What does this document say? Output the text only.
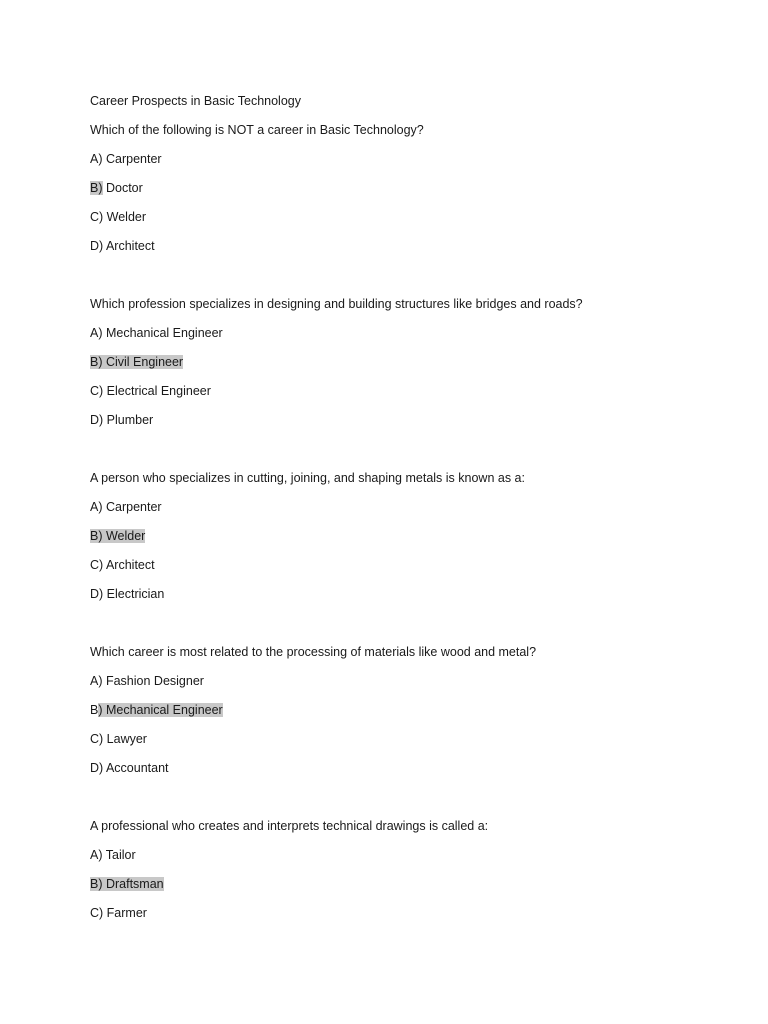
Career Prospects in Basic Technology
Which of the following is NOT a career in Basic Technology?
A) Carpenter
B) Doctor
C) Welder
D) Architect
Which profession specializes in designing and building structures like bridges and roads?
A) Mechanical Engineer
B) Civil Engineer
C) Electrical Engineer
D) Plumber
A person who specializes in cutting, joining, and shaping metals is known as a:
A) Carpenter
B) Welder
C) Architect
D) Electrician
Which career is most related to the processing of materials like wood and metal?
A) Fashion Designer
B) Mechanical Engineer
C) Lawyer
D) Accountant
A professional who creates and interprets technical drawings is called a:
A) Tailor
B) Draftsman
C) Farmer
